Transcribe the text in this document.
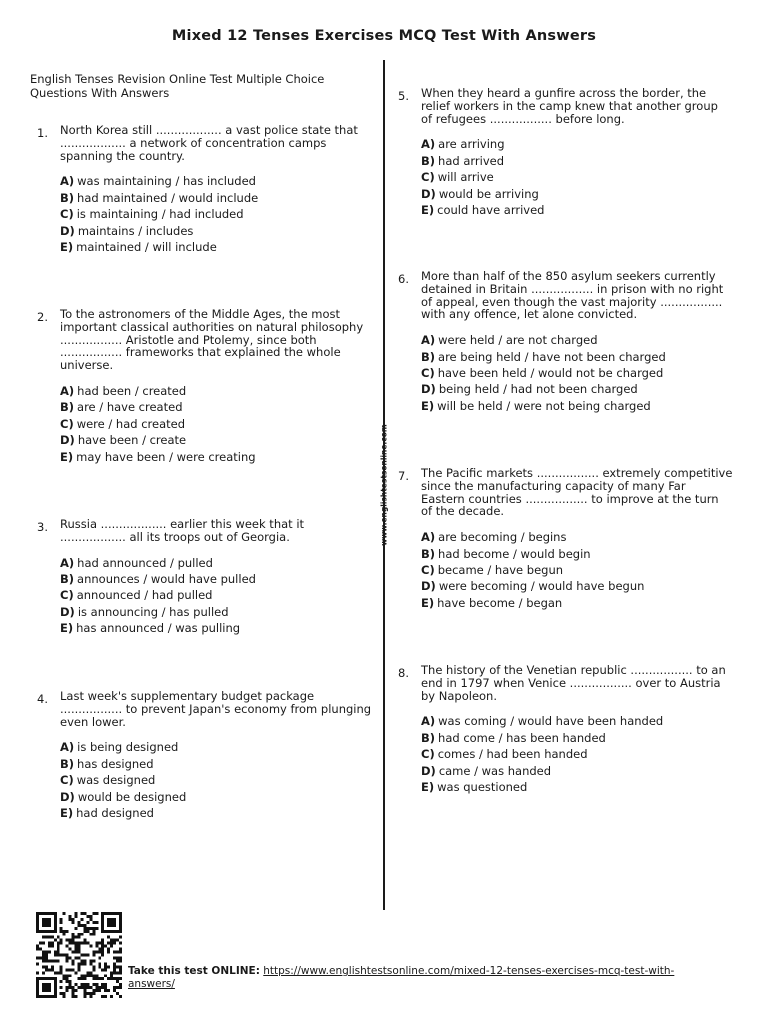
Mixed 12 Tenses Exercises MCQ Test With Answers
English Tenses Revision Online Test Multiple Choice
Questions With Answers
www.englishtestsonline.com
1. North Korea still .................. a vast police state that
.................. a network of concentration camps
spanning the country.
A) was maintaining / has included
B) had maintained / would include
C) is maintaining / had included
D) maintains / includes
E) maintained / will include
2. To the astronomers of the Middle Ages, the most
important classical authorities on natural philosophy
................. Aristotle and Ptolemy, since both
................. frameworks that explained the whole
universe.
A) had been / created
B) are / have created
C) were / had created
D) have been / create
E) may have been / were creating
3. Russia .................. earlier this week that it
.................. all its troops out of Georgia.
A) had announced / pulled
B) announces / would have pulled
C) announced / had pulled
D) is announcing / has pulled
E) has announced / was pulling
4. Last week's supplementary budget package
................. to prevent Japan's economy from plunging
even lower.
A) is being designed
B) has designed
C) was designed
D) would be designed
E) had designed
5. When they heard a gunfire across the border, the
relief workers in the camp knew that another group
of refugees ................. before long.
A) are arriving
B) had arrived
C) will arrive
D) would be arriving
E) could have arrived
6. More than half of the 850 asylum seekers currently
detained in Britain ................. in prison with no right
of appeal, even though the vast majority .................
with any offence, let alone convicted.
A) were held / are not charged
B) are being held / have not been charged
C) have been held / would not be charged
D) being held / had not been charged
E) will be held / were not being charged
7. The Pacific markets ................. extremely competitive
since the manufacturing capacity of many Far
Eastern countries ................. to improve at the turn
of the decade.
A) are becoming / begins
B) had become / would begin
C) became / have begun
D) were becoming / would have begun
E) have become / began
8. The history of the Venetian republic ................. to an
end in 1797 when Venice ................. over to Austria
by Napoleon.
A) was coming / would have been handed
B) had come / has been handed
C) comes / had been handed
D) came / was handed
E) was questioned
Take this test ONLINE: https://www.englishtestsonline.com/mixed-12-tenses-exercises-mcq-test-with-
answers/
